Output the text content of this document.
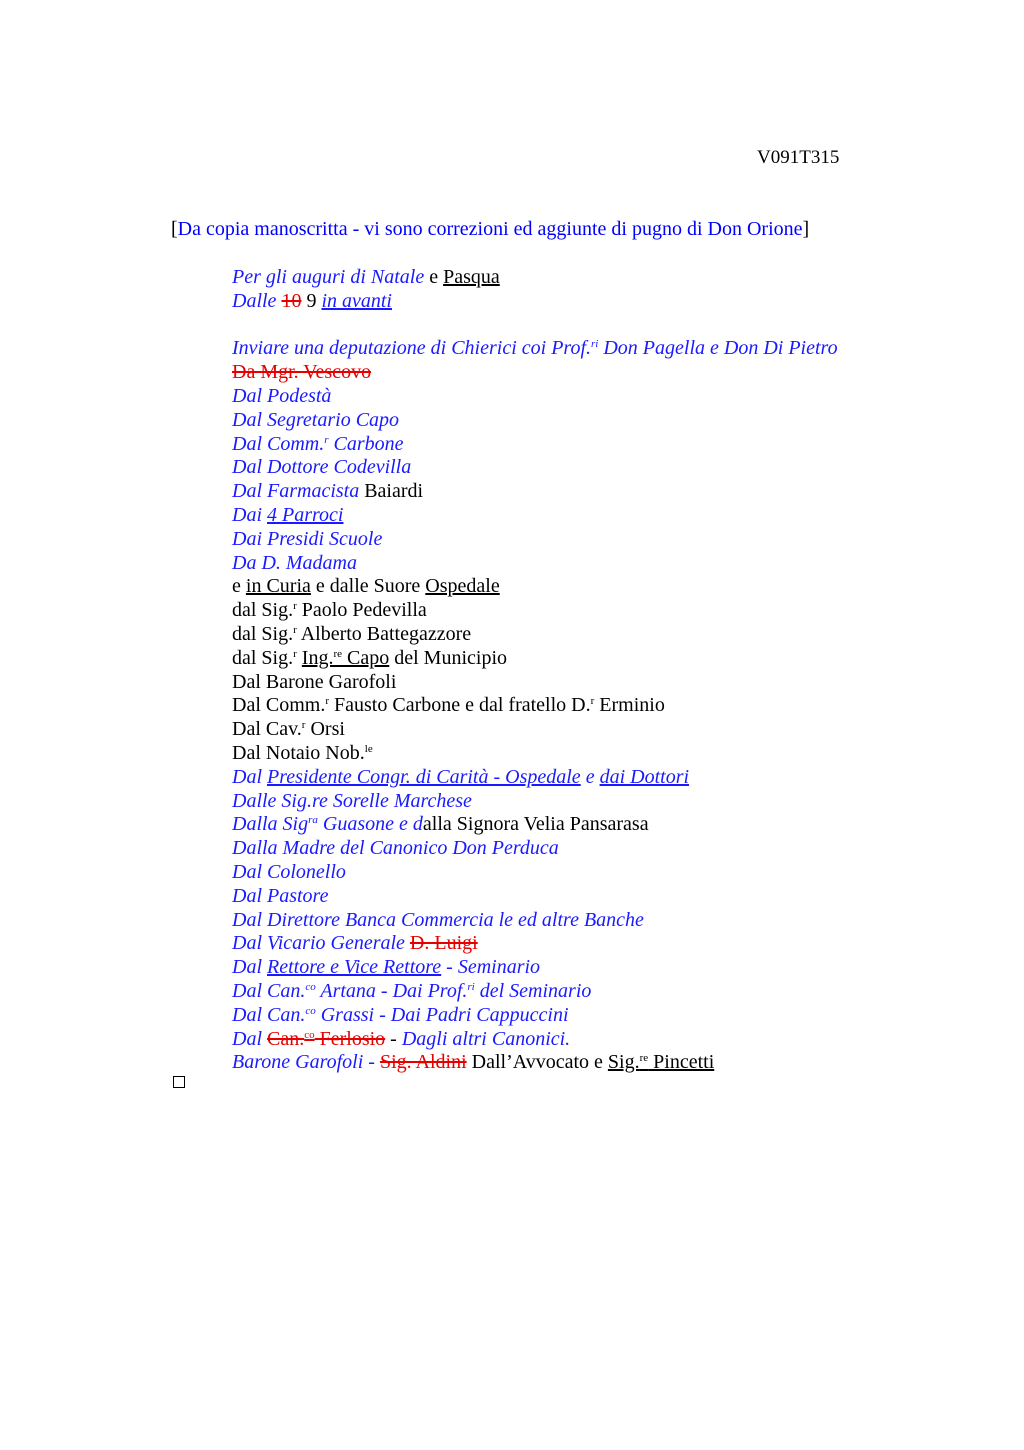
V091T315
[Da copia manoscritta - vi sono correzioni ed aggiunte di pugno di Don Orione]
Per gli auguri di Natale e Pasqua
Dalle 10 9 in avanti
Inviare una deputazione di Chierici coi Prof.$^{ri}$ Don Pagella e Don Di Pietro
Da Mgr. Vescovo
Dal Podestà
Dal Segretario Capo
Dal Comm.$^r$ Carbone
Dal Dottore Codevilla
Dal Farmacista Baiardi
Dai 4 Parroci
Dai Presidi Scuole
Da D. Madama
e in Curia e dalle Suore Ospedale
dal Sig.$^r$ Paolo Pedevilla
dal Sig.$^r$ Alberto Battegazzore
dal Sig.$^r$ Ing.$^{re}$ Capo del Municipio
Dal Barone Garofoli
Dal Comm.$^r$ Fausto Carbone e dal fratello D.$^r$ Erminio
Dal Cav.$^r$ Orsi
Dal Notaio Nob.$^{le}$
Dal Presidente Congr. di Carità - Ospedale e dai Dottori
Dalle Sig.re Sorelle Marchese
Dalla Sig$^{ra}$ Guasone e dalla Signora Velia Pansarasa
Dalla Madre del Canonico Don Perduca
Dal Colonello
Dal Pastore
Dal Direttore Banca Commercia le ed altre Banche
Dal Vicario Generale D. Luigi
Dal Rettore e Vice Rettore - Seminario
Dal Can.$^{co}$ Artana - Dai Prof.$^{ri}$ del Seminario
Dal Can.$^{co}$ Grassi - Dai Padri Cappuccini
Dal Can.$^{co}$ Ferlosio - Dagli altri Canonici.
Barone Garofoli - Sig. Aldini Dall’Avvocato e Sig.$^{re}$ Pincetti
